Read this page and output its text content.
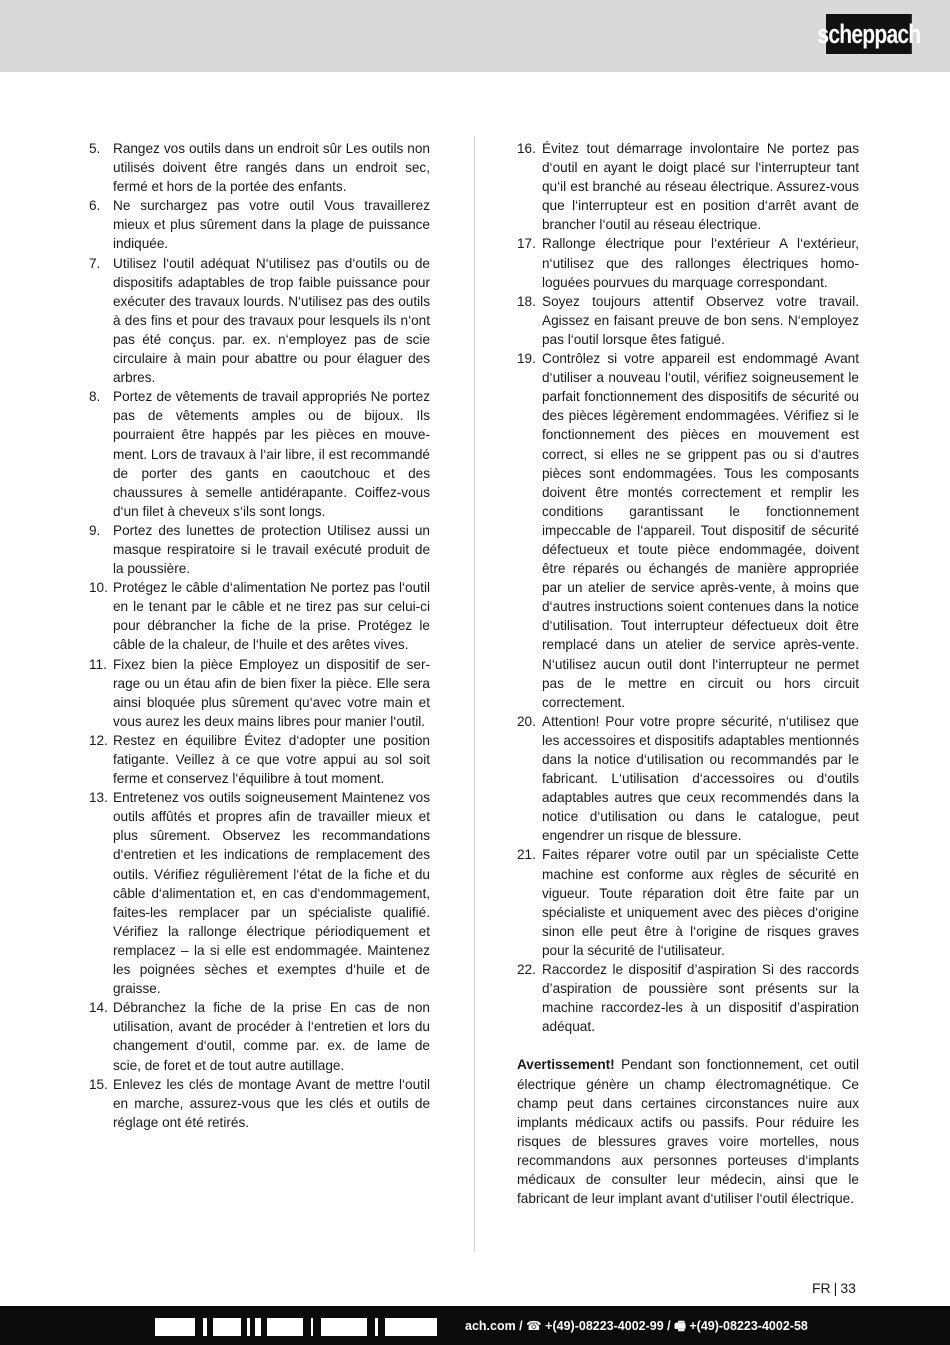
scheppach
5. Rangez vos outils dans un endroit sûr Les outils non utilisés doivent être rangés dans un endroit sec, fermé et hors de la portée des enfants.
6. Ne surchargez pas votre outil Vous travaillerez mieux et plus sûrement dans la plage de puissance indiquée.
7. Utilisez l‘outil adéquat N‘utilisez pas d‘outils ou de dispositifs adaptables de trop faible puissance pour exécuter des travaux lourds. N‘utilisez pas des outils à des fins et pour des travaux pour lesquels ils n‘ont pas été conçus. par. ex. n‘employez pas de scie circulaire à main pour abattre ou pour élaguer des arbres.
8. Portez de vêtements de travail appropriés Ne portez pas de vêtements amples ou de bijoux. Ils pourraient être happés par les pièces en mouvement. Lors de travaux à l‘air libre, il est recommandé de porter des gants en caoutchouc et des chaussures à semelle antidérapante. Coiffez-vous d‘un filet à cheveux s‘ils sont longs.
9. Portez des lunettes de protection Utilisez aussi un masque respiratoire si le travail exécuté produit de la poussière.
10. Protégez le câble d‘alimentation Ne portez pas l‘outil en le tenant par le câble et ne tirez pas sur celui-ci pour débrancher la fiche de la prise. Protégez le câble de la chaleur, de l‘huile et des arêtes vives.
11. Fixez bien la pièce Employez un dispositif de serrage ou un étau afin de bien fixer la pièce. Elle sera ainsi bloquée plus sûrement qu‘avec votre main et vous aurez les deux mains libres pour manier l‘outil.
12. Restez en équilibre Évitez d‘adopter une position fatigante. Veillez à ce que votre appui au sol soit ferme et conservez l‘équilibre à tout moment.
13. Entretenez vos outils soigneusement Maintenez vos outils affûtés et propres afin de travailler mieux et plus sûrement. Observez les recommandations d‘entretien et les indications de remplacement des outils. Vérifiez régulièrement l‘état de la fiche et du câble d‘alimentation et, en cas d‘endommagement, faites-les remplacer par un spécialiste qualifié. Vérifiez la rallonge électrique périodiquement et remplacez – la si elle est endommagée. Maintenez les poignées sèches et exemptes d‘huile et de graisse.
14. Débranchez la fiche de la prise En cas de non utilisation, avant de procéder à l‘entretien et lors du changement d‘outil, comme par. ex. de lame de scie, de foret et de tout autre autillage.
15. Enlevez les clés de montage Avant de mettre l‘outil en marche, assurez-vous que les clés et outils de réglage ont été retirés.
16. Évitez tout démarrage involontaire Ne portez pas d‘outil en ayant le doigt placé sur l‘interrupteur tant qu‘il est branché au réseau électrique. Assurez-vous que l‘interrupteur est en position d‘arrêt avant de brancher l‘outil au réseau électrique.
17. Rallonge électrique pour l‘extérieur A l‘extérieur, n‘utilisez que des rallonges électriques homologuées pourvues du marquage correspondant.
18. Soyez toujours attentif Observez votre travail. Agissez en faisant preuve de bon sens. N‘employez pas l‘outil lorsque êtes fatigué.
19. Contrôlez si votre appareil est endommagé Avant d‘utiliser a nouveau l‘outil, vérifiez soigneusement le parfait fonctionnement des dispositifs de sécurité ou des pièces légèrement endommagées. Vérifiez si le fonctionnement des pièces en mouvement est correct, si elles ne se grippent pas ou si d‘autres pièces sont endommagées. Tous les composants doivent être montés correctement et remplir les conditions garantissant le fonctionnement impeccable de l‘appareil. Tout dispositif de sécurité défectueux et toute pièce endommagée, doivent être réparés ou échangés de manière appropriée par un atelier de service après-vente, à moins que d‘autres instructions soient contenues dans la notice d‘utilisation. Tout interrupteur défectueux doit être remplacé dans un atelier de service après-vente. N‘utilisez aucun outil dont l‘interrupteur ne permet pas de le mettre en circuit ou hors circuit correctement.
20. Attention! Pour votre propre sécurité, n‘utilisez que les accessoires et dispositifs adaptables mentionnés dans la notice d‘utilisation ou recommandés par le fabricant. L‘utilisation d‘accessoires ou d‘outils adaptables autres que ceux recommendés dans la notice d‘utilisation ou dans le catalogue, peut engendrer un risque de blessure.
21. Faites réparer votre outil par un spécialiste Cette machine est conforme aux règles de sécurité en vigueur. Toute réparation doit être faite par un spécialiste et uniquement avec des pièces d‘origine sinon elle peut être à l‘origine de risques graves pour la sécurité de l‘utilisateur.
22. Raccordez le dispositif d’aspiration Si des raccords d’aspiration de poussière sont présents sur la machine raccordez-les à un dispositif d’aspiration adéquat.
Avertissement! Pendant son fonctionnement, cet outil électrique génère un champ électromagnétique. Ce champ peut dans certaines circonstances nuire aux implants médicaux actifs ou passifs. Pour réduire les risques de blessures graves voire mortelles, nous recommandons aux personnes porteuses d‘implants médicaux de consulter leur médecin, ainsi que le fabricant de leur implant avant d‘utiliser l‘outil électrique.
FR | 33
ach.com / ☎ +(49)-08223-4002-99 / 🖷 +(49)-08223-4002-58
